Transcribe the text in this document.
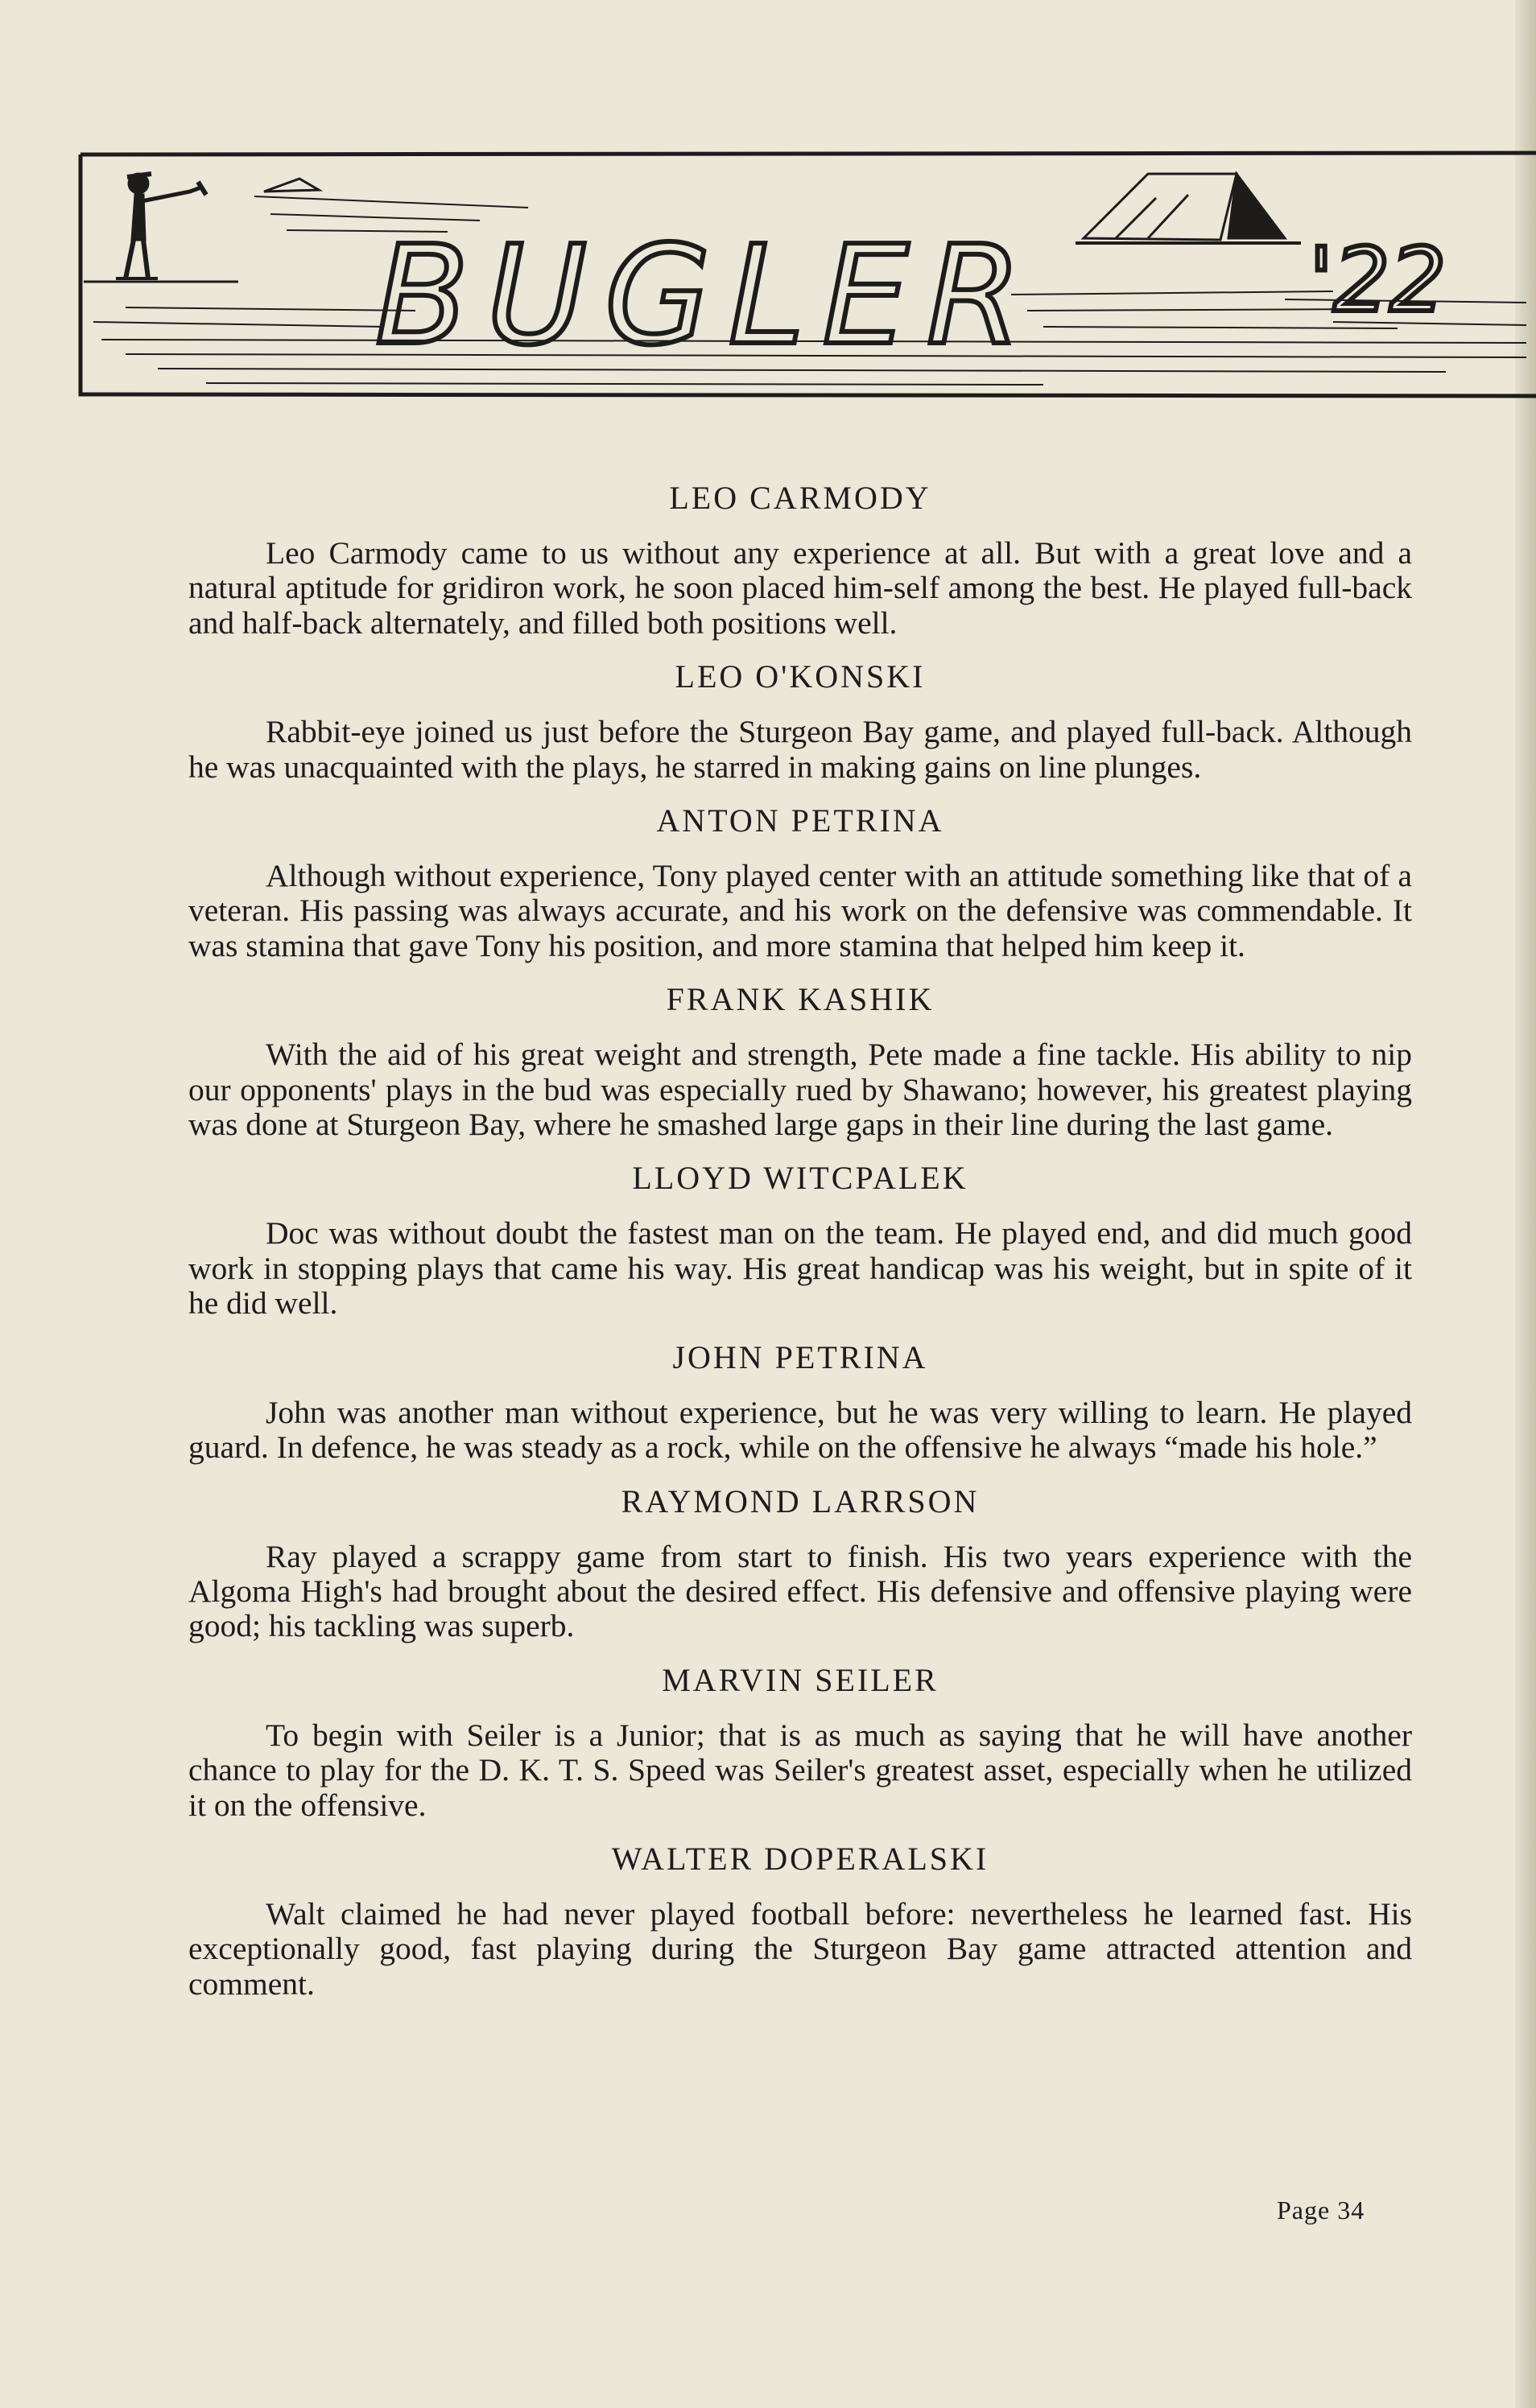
BUGLER	'22
LEO CARMODY

Leo Carmody came to us without any experience at all. But with a great love and a natural aptitude for gridiron work, he soon placed him-self among the best. He played full-back and half-back alternately, and filled both positions well.

LEO O'KONSKI

Rabbit-eye joined us just before the Sturgeon Bay game, and played full-back. Although he was unacquainted with the plays, he starred in making gains on line plunges.

ANTON PETRINA

Although without experience, Tony played center with an attitude something like that of a veteran. His passing was always accurate, and his work on the defensive was commendable. It was stamina that gave Tony his position, and more stamina that helped him keep it.

FRANK KASHIK

With the aid of his great weight and strength, Pete made a fine tackle. His ability to nip our opponents' plays in the bud was especially rued by Shawano; however, his greatest playing was done at Sturgeon Bay, where he smashed large gaps in their line during the last game.

LLOYD WITCPALEK

Doc was without doubt the fastest man on the team. He played end, and did much good work in stopping plays that came his way. His great handicap was his weight, but in spite of it he did well.

JOHN PETRINA

John was another man without experience, but he was very willing to learn. He played guard. In defence, he was steady as a rock, while on the offensive he always “made his hole.”

RAYMOND LARRSON

Ray played a scrappy game from start to finish. His two years experience with the Algoma High's had brought about the desired effect. His defensive and offensive playing were good; his tackling was superb.

MARVIN SEILER

To begin with Seiler is a Junior; that is as much as saying that he will have another chance to play for the D. K. T. S. Speed was Seiler's greatest asset, especially when he utilized it on the offensive.

WALTER DOPERALSKI

Walt claimed he had never played football before: nevertheless he learned fast. His exceptionally good, fast playing during the Sturgeon Bay game attracted attention and comment.

Page 34
